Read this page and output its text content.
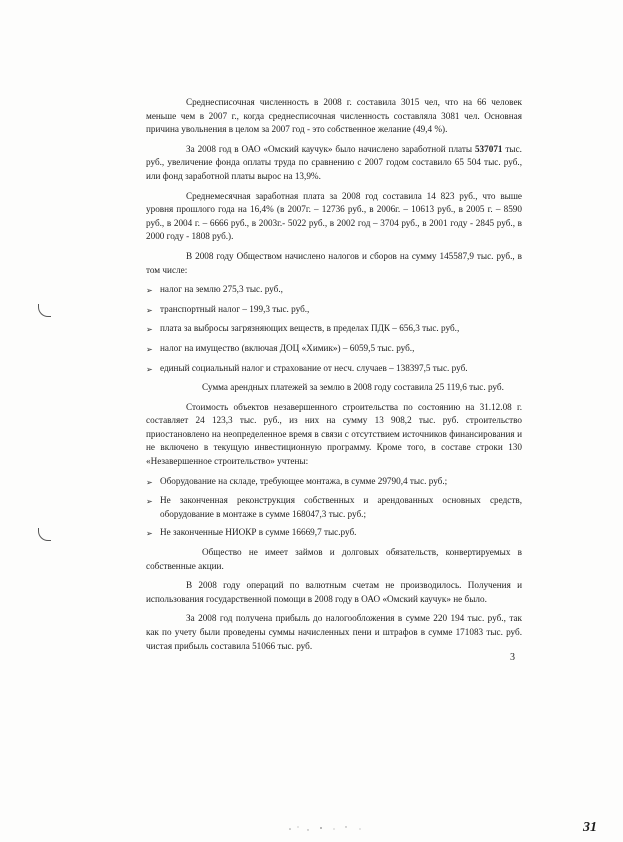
Среднесписочная численность в 2008 г. составила 3015 чел, что на 66 человек меньше чем в 2007 г., когда среднесписочная численность составляла 3081 чел. Основная причина увольнения в целом за 2007 год - это собственное желание (49,4 %).

За 2008 год в ОАО «Омский каучук» было начислено заработной платы 537071 тыс. руб., увеличение фонда оплаты труда по сравнению с 2007 годом составило 65 504 тыс. руб., или фонд заработной платы вырос на 13,9%.

Среднемесячная заработная плата за 2008 год составила 14 823 руб., что выше уровня прошлого года на 16,4% (в 2007г. – 12736 руб., в 2006г. – 10613 руб., в 2005 г. – 8590 руб., в 2004 г. – 6666 руб., в 2003г.- 5022 руб., в 2002 год – 3704 руб., в 2001 году - 2845 руб., в 2000 году - 1808 руб.).

В 2008 году Обществом начислено налогов и сборов на сумму 145587,9 тыс. руб., в том числе:

➢ налог на землю 275,3 тыс. руб.,
➢ транспортный налог – 199,3 тыс. руб.,
➢ плата за выбросы загрязняющих веществ, в пределах ПДК – 656,3 тыс. руб.,
➢ налог на имущество (включая ДОЦ «Химик») – 6059,5 тыс. руб.,
➢ единый социальный налог и страхование от несч. случаев – 138397,5 тыс. руб.

Сумма арендных платежей за землю в 2008 году составила 25 119,6 тыс. руб.

Стоимость объектов незавершенного строительства по состоянию на 31.12.08 г. составляет 24 123,3 тыс. руб., из них на сумму 13 908,2 тыс. руб. строительство приостановлено на неопределенное время в связи с отсутствием источников финансирования и не включено в текущую инвестиционную программу. Кроме того, в составе строки 130 «Незавершенное строительство» учтены:

➢ Оборудование на складе, требующее монтажа, в сумме 29790,4 тыс. руб.;
➢ Не законченная реконструкция собственных и арендованных основных средств, оборудование в монтаже в сумме 168047,3 тыс. руб.;
➢ Не законченные НИОКР в сумме 16669,7 тыс.руб.

Общество не имеет займов и долговых обязательств, конвертируемых в собственные акции.

В 2008 году операций по валютным счетам не производилось. Получения и использования государственной помощи в 2008 году в ОАО «Омский каучук» не было.

За 2008 год получена прибыль до налогообложения в сумме 220 194 тыс. руб., так как по учету были проведены суммы начисленных пени и штрафов в сумме 171083 тыс. руб. чистая прибыль составила 51066 тыс. руб.

3
31
